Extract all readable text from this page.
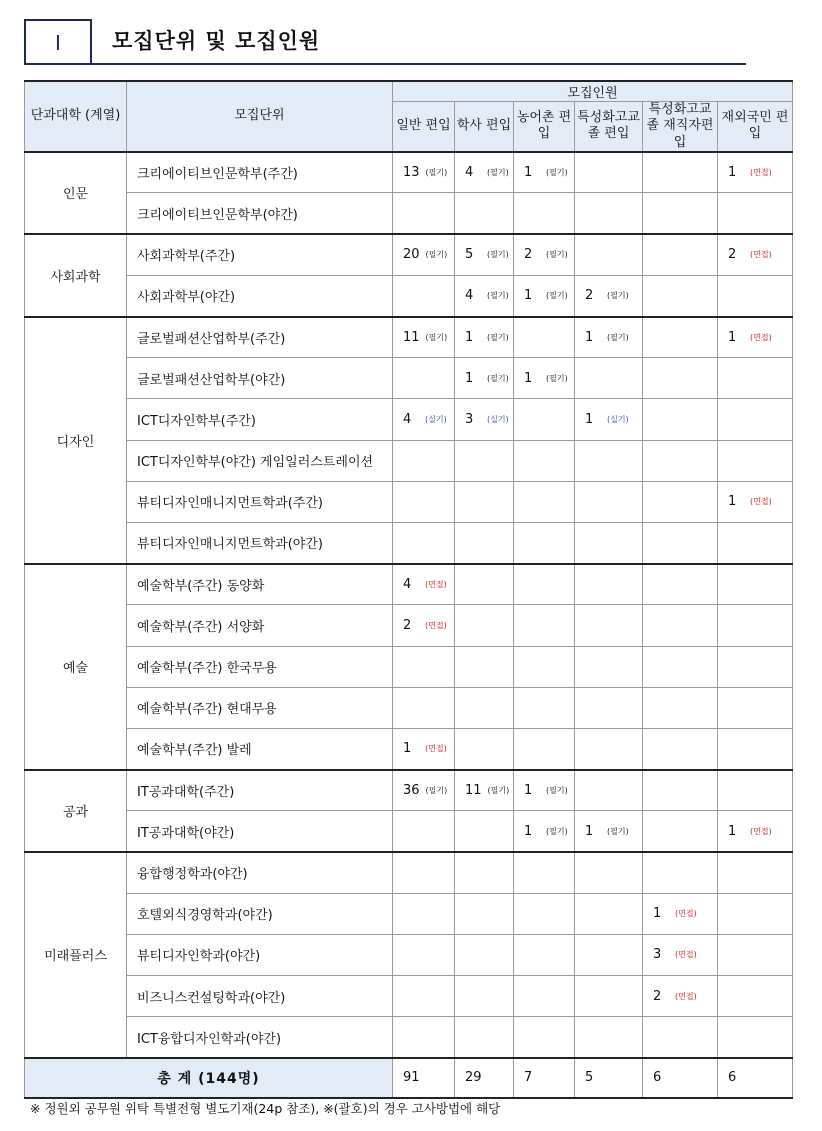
Ⅰ	모집단위 및 모집인원
단과대학 (계열)	모집단위	모집인원					
		일반 편입	학사 편입	농어촌 편입	특성화고교졸 편입	특성화고교졸 재직자편입	재외국민 편입
인문	크리에이티브인문학부(주간)	13 (필기)	4 (필기)	1 (필기)			1 (면접)
	크리에이티브인문학부(야간)						
사회과학	사회과학부(주간)	20 (필기)	5 (필기)	2 (필기)			2 (면접)
	사회과학부(야간)		4 (필기)	1 (필기)	2 (필기)		
디자인	글로벌패션산업학부(주간)	11 (필기)	1 (필기)		1 (필기)		1 (면접)
	글로벌패션산업학부(야간)		1 (필기)	1 (필기)			
	ICT디자인학부(주간)	4 (실기)	3 (실기)		1 (실기)		
	ICT디자인학부(야간) 게임일러스트레이션						
	뷰티디자인매니지먼트학과(주간)						1 (면접)
	뷰티디자인매니지먼트학과(야간)						
예술	예술학부(주간) 동양화	4 (면접)					
	예술학부(주간) 서양화	2 (면접)					
	예술학부(주간) 한국무용						
	예술학부(주간) 현대무용						
	예술학부(주간) 발레	1 (면접)					
공과	IT공과대학(주간)	36 (필기)	11 (필기)	1 (필기)			
	IT공과대학(야간)			1 (필기)	1 (필기)		1 (면접)
미래플러스	융합행정학과(야간)						
	호텔외식경영학과(야간)					1 (면접)	
	뷰티디자인학과(야간)					3 (면접)	
	비즈니스컨설팅학과(야간)					2 (면접)	
	ICT융합디자인학과(야간)						
총 계 (144명)		91	29	7	5	6	6
※ 정원외 공무원 위탁 특별전형 별도기재(24p 참조), ※(괄호)의 경우 고사방법에 해당
